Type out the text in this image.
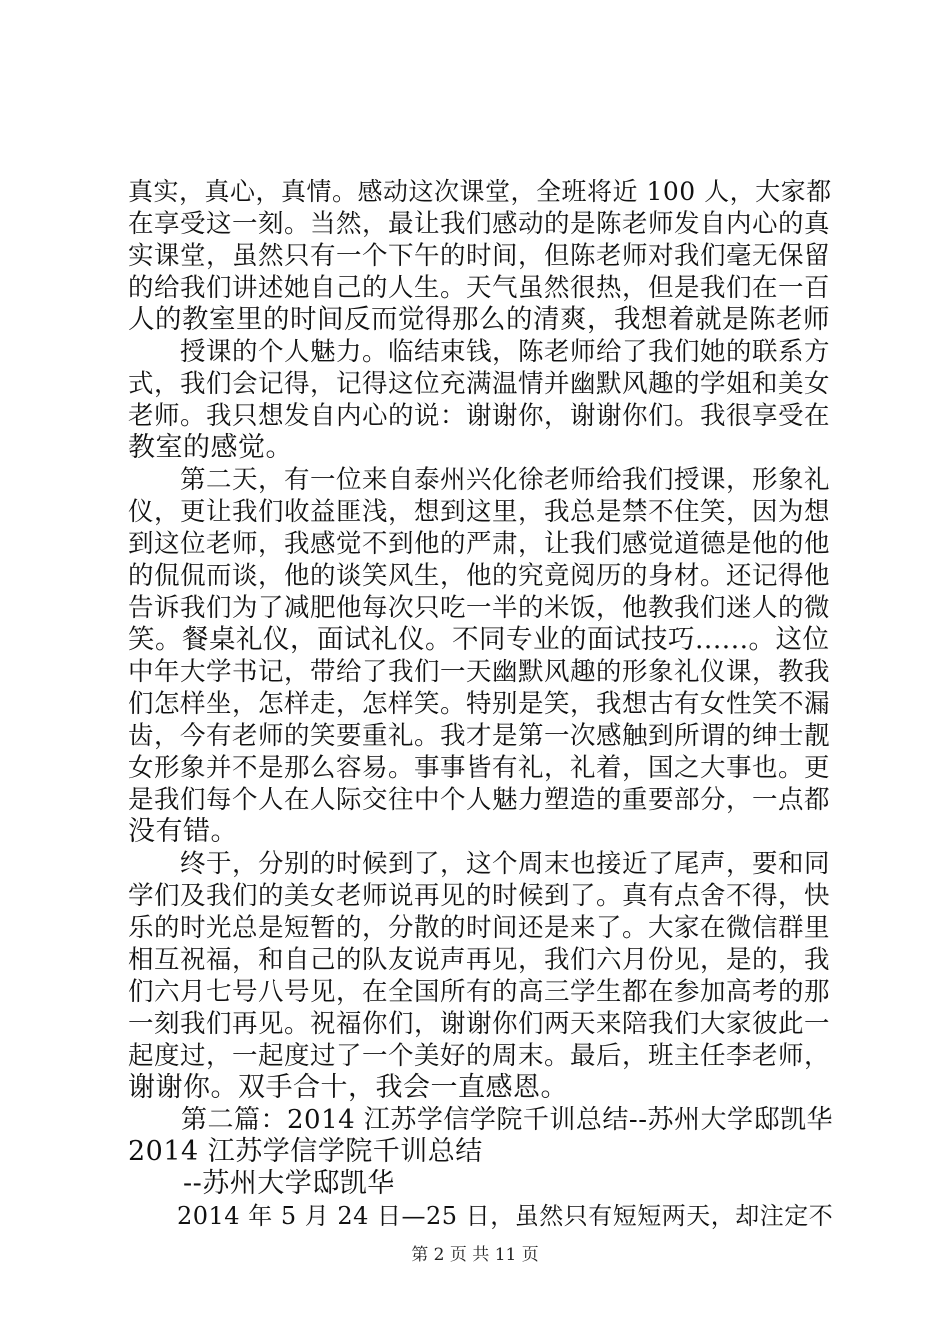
真实，真心，真情。感动这次课堂，全班将近 100 人，大家都
在享受这一刻。当然，最让我们感动的是陈老师发自内心的真
实课堂，虽然只有一个下午的时间，但陈老师对我们毫无保留
的给我们讲述她自己的人生。天气虽然很热，但是我们在一百
人的教室里的时间反而觉得那么的清爽，我想着就是陈老师
　　授课的个人魅力。临结束钱，陈老师给了我们她的联系方
式，我们会记得，记得这位充满温情并幽默风趣的学姐和美女
老师。我只想发自内心的说：谢谢你，谢谢你们。我很享受在
教室的感觉。
　　第二天，有一位来自泰州兴化徐老师给我们授课，形象礼
仪，更让我们收益匪浅，想到这里，我总是禁不住笑，因为想
到这位老师，我感觉不到他的严肃，让我们感觉道德是他的他
的侃侃而谈，他的谈笑风生，他的究竟阅历的身材。还记得他
告诉我们为了减肥他每次只吃一半的米饭，他教我们迷人的微
笑。餐桌礼仪，面试礼仪。不同专业的面试技巧......。这位
中年大学书记，带给了我们一天幽默风趣的形象礼仪课，教我
们怎样坐，怎样走，怎样笑。特别是笑，我想古有女性笑不漏
齿，今有老师的笑要重礼。我才是第一次感触到所谓的绅士靓
女形象并不是那么容易。事事皆有礼，礼着，国之大事也。更
是我们每个人在人际交往中个人魅力塑造的重要部分，一点都
没有错。
　　终于，分别的时候到了，这个周末也接近了尾声，要和同
学们及我们的美女老师说再见的时候到了。真有点舍不得，快
乐的时光总是短暂的，分散的时间还是来了。大家在微信群里
相互祝福，和自己的队友说声再见，我们六月份见，是的，我
们六月七号八号见，在全国所有的高三学生都在参加高考的那
一刻我们再见。祝福你们，谢谢你们两天来陪我们大家彼此一
起度过，一起度过了一个美好的周末。最后，班主任李老师，
谢谢你。双手合十，我会一直感恩。
　　第二篇：2014 江苏学信学院千训总结--苏州大学邸凯华
2014 江苏学信学院千训总结
　　--苏州大学邸凯华
　　2014 年 5 月 24 日—25 日，虽然只有短短两天，却注定不
第 2 页 共 11 页
